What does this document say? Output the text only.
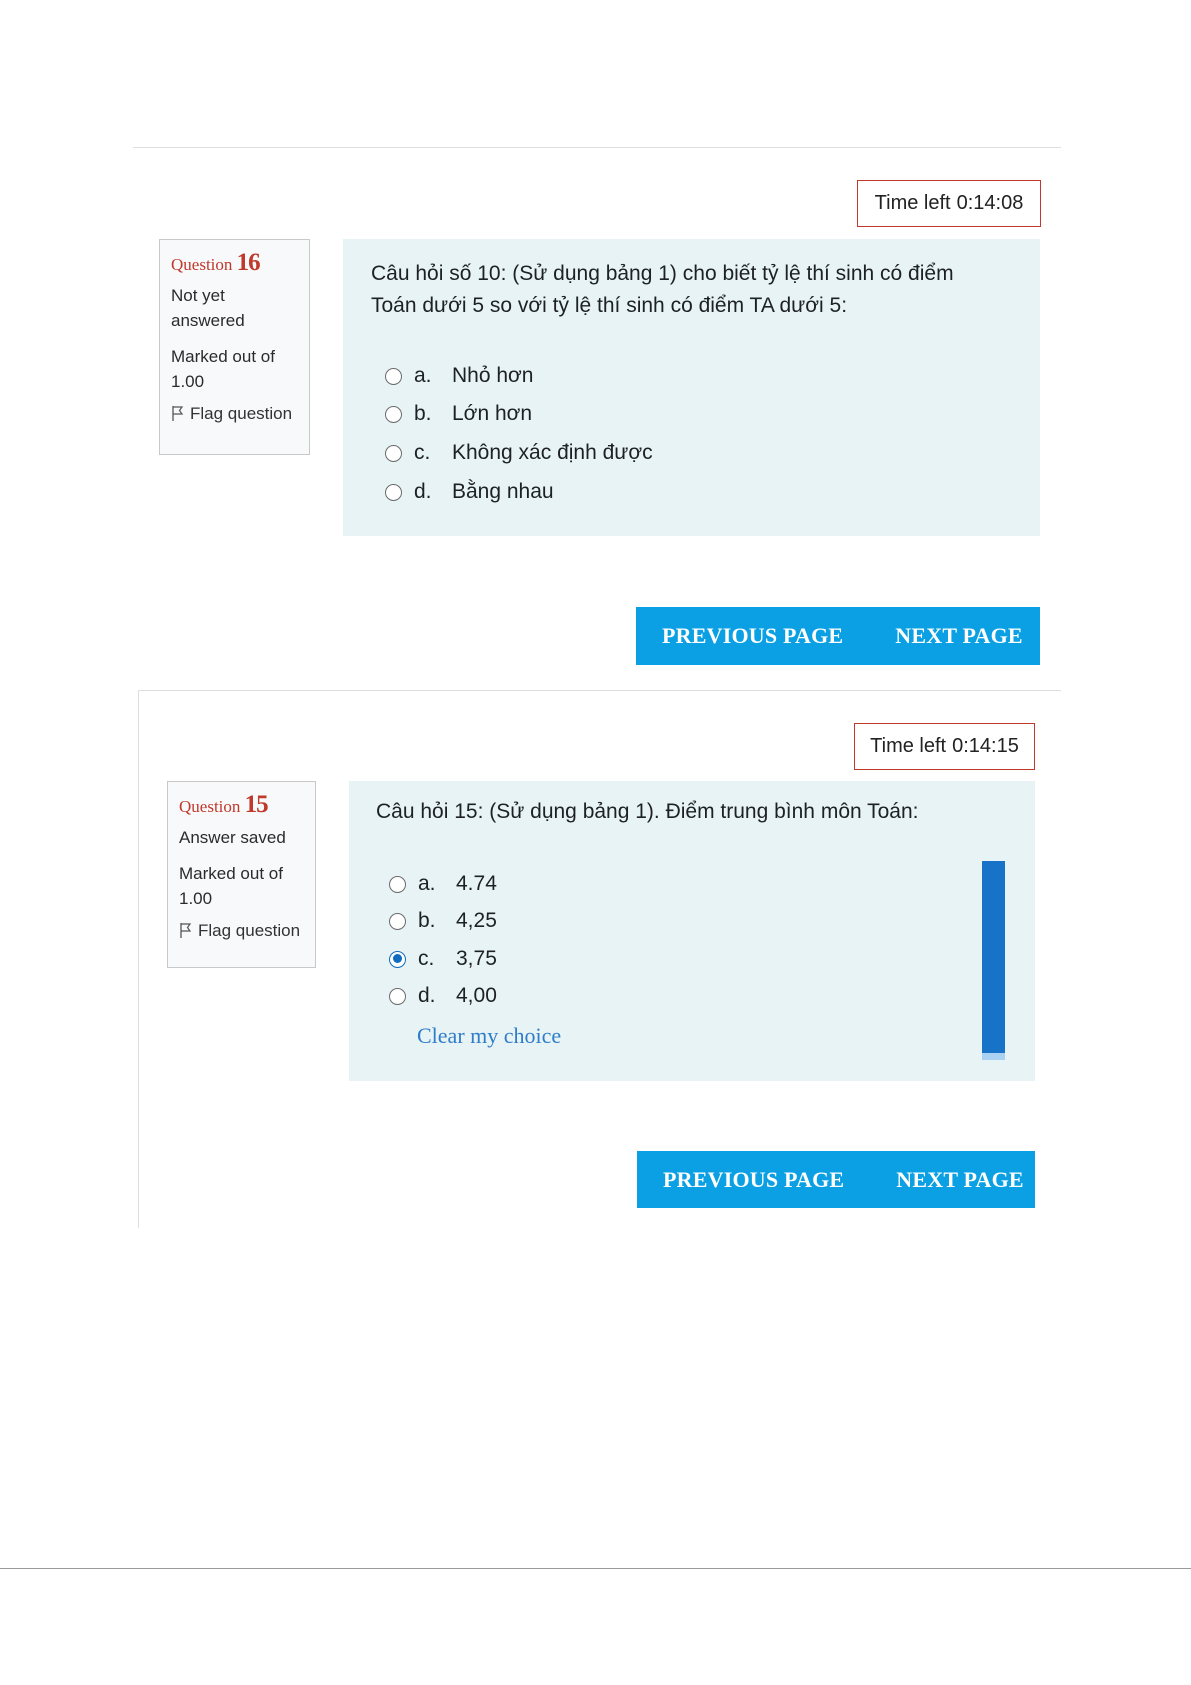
Time left 0:14:08
Question 16
Not yet
answered
Marked out of
1.00
Flag question
Câu hỏi số 10: (Sử dụng bảng 1) cho biết tỷ lệ thí sinh có điểm
Toán dưới 5 so với tỷ lệ thí sinh có điểm TA dưới 5:
a. Nhỏ hơn
b. Lớn hơn
c.	Không xác định được
d. Bằng nhau
PREVIOUS PAGE NEXT PAGE
Time left 0:14:15
Question 15
Answer saved
Marked out of
1.00
Flag question
Câu hỏi 15: (Sử dụng bảng 1). Điểm trung bình môn Toán:
a. 4.74
b. 4,25
c.	3,75
d. 4,00
Clear my choice
PREVIOUS PAGE NEXT PAGE
